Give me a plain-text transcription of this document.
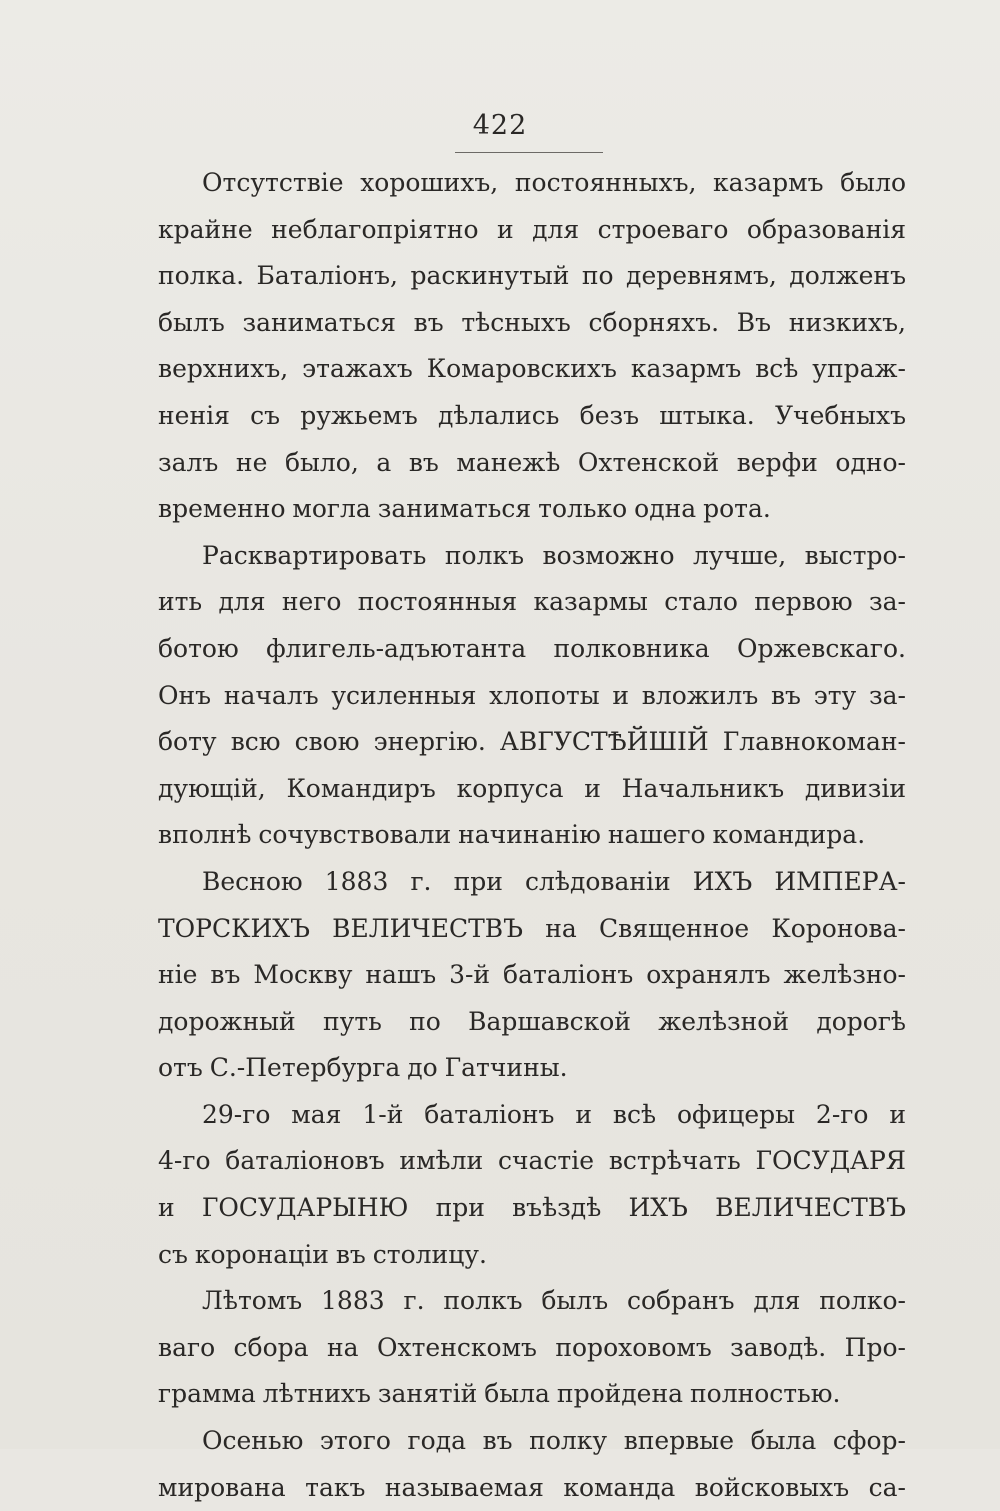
422
Отсутствіе хорошихъ, постоянныхъ, казармъ было
крайне неблагопріятно и для строеваго образованія
полка. Баталіонъ, раскинутый по деревнямъ, долженъ
былъ заниматься въ тѣсныхъ сборняхъ. Въ низкихъ,
верхнихъ, этажахъ Комаровскихъ казармъ всѣ упраж-
ненія съ ружьемъ дѣлались безъ штыка. Учебныхъ
залъ не было, а въ манежѣ Охтенской верфи одно-
временно могла заниматься только одна рота.
Расквартировать полкъ возможно лучше, выстро-
ить для него постоянныя казармы стало первою за-
ботою флигель-адъютанта полковника Оржевскаго.
Онъ началъ усиленныя хлопоты и вложилъ въ эту за-
боту всю свою энергію. АВГУСТѢЙШІЙ Главнокоман-
дующій, Командиръ корпуса и Начальникъ дивизіи
вполнѣ сочувствовали начинанію нашего командира.
Весною 1883 г. при слѣдованіи ИХЪ ИМПЕРА-
ТОРСКИХЪ ВЕЛИЧЕСТВЪ на Священное Коронова-
ніе въ Москву нашъ 3-й баталіонъ охранялъ желѣзно-
дорожный путь по Варшавской желѣзной дорогѣ
отъ С.-Петербурга до Гатчины.
29-го мая 1-й баталіонъ и всѣ офицеры 2-го и
4-го баталіоновъ имѣли счастіе встрѣчать ГОСУДАРЯ
и ГОСУДАРЫНЮ при въѣздѣ ИХЪ ВЕЛИЧЕСТВЪ
съ коронаціи въ столицу.
Лѣтомъ 1883 г. полкъ былъ собранъ для полко-
ваго сбора на Охтенскомъ пороховомъ заводѣ. Про-
грамма лѣтнихъ занятій была пройдена полностью.
Осенью этого года въ полку впервые была сфор-
мирована такъ называемая команда войсковыхъ са-
